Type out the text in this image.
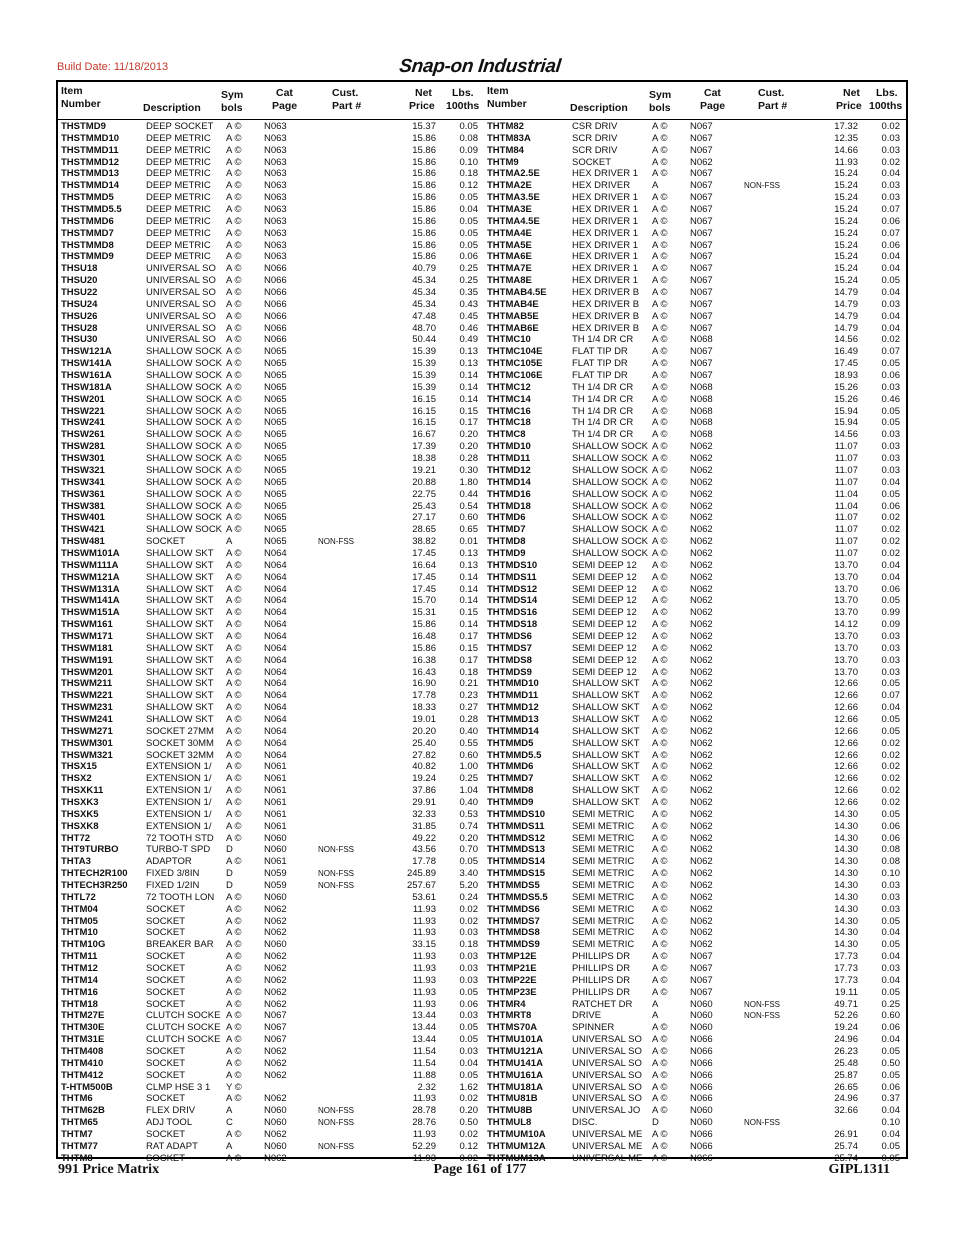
Build Date: 11/18/2013	Snap-on Industrial
Item
Number	Description
Sym
bols
Cat
Page
Cust.
Part #
Net
Price
Lbs.
100ths
THSTMD9	DEEP SOCKET	A © N063	15.37 0.05
THSTMMD10	DEEP METRIC	A © N063	15.86 0.08
THSTMMD11	DEEP METRIC	A © N063	15.86 0.09
THSTMMD12	DEEP METRIC	A © N063	15.86 0.10
THSTMMD13	DEEP METRIC	A © N063	15.86 0.18
THSTMMD14	DEEP METRIC	A © N063	15.86 0.12
THSTMMD5	DEEP METRIC	A © N063	15.86 0.05
THSTMMD5.5	DEEP METRIC	A © N063	15.86 0.04
THSTMMD6	DEEP METRIC	A © N063	15.86 0.05
THSTMMD7	DEEP METRIC	A © N063	15.86 0.05
THSTMMD8	DEEP METRIC	A © N063	15.86 0.05
THSTMMD9	DEEP METRIC	A © N063	15.86 0.06
THSU18	UNIVERSAL SO	A © N066	40.79 0.25
THSU20	UNIVERSAL SO	A © N066	45.34 0.25
THSU22	UNIVERSAL SO	A © N066	45.34 0.35
THSU24	UNIVERSAL SO	A © N066	45.34 0.43
THSU26	UNIVERSAL SO	A © N066	47.48 0.45
THSU28	UNIVERSAL SO	A © N066	48.70 0.46
THSU30	UNIVERSAL SO	A © N066	50.44 0.49
THSW121A	SHALLOW SOCK A © N065	15.39 0.13
THSW141A	SHALLOW SOCK A © N065	15.39 0.13
THSW161A	SHALLOW SOCK A © N065	15.39 0.14
THSW181A	SHALLOW SOCK A © N065	15.39 0.14
THSW201	SHALLOW SOCK A © N065	16.15 0.14
THSW221	SHALLOW SOCK A © N065	16.15 0.15
THSW241	SHALLOW SOCK A © N065	16.15 0.17
THSW261	SHALLOW SOCK A © N065	16.67 0.20
THSW281	SHALLOW SOCK A © N065	17.39 0.20
THSW301	SHALLOW SOCK A © N065	18.38 0.28
THSW321	SHALLOW SOCK A © N065	19.21 0.30
THSW341	SHALLOW SOCK A © N065	20.88 1.80
THSW361	SHALLOW SOCK A © N065	22.75 0.44
THSW381	SHALLOW SOCK A © N065	25.43 0.54
THSW401	SHALLOW SOCK A © N065	27.17 0.60
THSW421	SHALLOW SOCK A © N065	28.65 0.65
THSW481	SOCKET	A	N065	NON-FSS	38.82 0.01
THSWM101A	SHALLOW SKT	A © N064	17.45 0.13
THSWM111A	SHALLOW SKT	A © N064	16.64 0.13
THSWM121A	SHALLOW SKT	A © N064	17.45 0.14
THSWM131A	SHALLOW SKT	A © N064	17.45 0.14
THSWM141A	SHALLOW SKT	A © N064	15.70 0.14
THSWM151A	SHALLOW SKT	A © N064	15.31 0.15
THSWM161	SHALLOW SKT	A © N064	15.86 0.14
THSWM171	SHALLOW SKT	A © N064	16.48 0.17
THSWM181	SHALLOW SKT	A © N064	15.86 0.15
THSWM191	SHALLOW SKT	A © N064	16.38 0.17
THSWM201	SHALLOW SKT	A © N064	16.43 0.18
THSWM211	SHALLOW SKT	A © N064	16.90 0.21
THSWM221	SHALLOW SKT	A © N064	17.78 0.23
THSWM231	SHALLOW SKT	A © N064	18.33 0.27
THSWM241	SHALLOW SKT	A © N064	19.01 0.28
THSWM271	SOCKET 27MM	A © N064	20.20 0.40
THSWM301	SOCKET 30MM	A © N064	25.40 0.55
THSWM321	SOCKET 32MM	A © N064	27.82 0.60
THSX15	EXTENSION 1/	A © N061	40.82 1.00
THSX2	EXTENSION 1/	A © N061	19.24 0.25
THSXK11	EXTENSION 1/	A © N061	37.86 1.04
THSXK3	EXTENSION 1/	A © N061	29.91 0.40
THSXK5	EXTENSION 1/	A © N061	32.33 0.53
THSXK8	EXTENSION 1/	A © N061	31.85 0.74
THT72	72 TOOTH STD	A © N060	49.22 0.20
THT9TURBO	TURBO-T SPD	D	N060	NON-FSS	43.56 0.70
THTA3	ADAPTOR	A © N061	17.78 0.05
THTECH2R100 FIXED 3/8IN	D	N059	NON-FSS	245.89 3.40
THTECH3R250 FIXED 1/2IN	D	N059	NON-FSS	257.67 5.20
THTL72	72 TOOTH LON	A © N060	53.61 0.24
THTM04	SOCKET	A © N062	11.93 0.02
THTM05	SOCKET	A © N062	11.93 0.02
THTM10	SOCKET	A © N062	11.93 0.03
THTM10G	BREAKER BAR	A © N060	33.15 0.18
THTM11	SOCKET	A © N062	11.93 0.03
THTM12	SOCKET	A © N062	11.93 0.03
THTM14	SOCKET	A © N062	11.93 0.03
THTM16	SOCKET	A © N062	11.93 0.05
THTM18	SOCKET	A © N062	11.93 0.06
THTM27E	CLUTCH SOCKE A © N067	13.44 0.03
THTM30E	CLUTCH SOCKE A © N067	13.44 0.05
THTM31E	CLUTCH SOCKE A © N067	13.44 0.05
THTM408	SOCKET	A © N062	11.54 0.03
THTM410	SOCKET	A © N062	11.54 0.04
THTM412	SOCKET	A © N062	11.88 0.05
T-HTM500B	CLMP HSE 3 1	Y ©	2.32 1.62
THTM6	SOCKET	A © N062	11.93 0.02
THTM62B	FLEX DRIV	A	N060	NON-FSS	28.78 0.20
THTM65	ADJ TOOL	C	N060	NON-FSS	28.76 0.50
THTM7	SOCKET	A © N062	11.93 0.02
THTM77	RAT ADAPT	A	N060	NON-FSS	52.29 0.12
THTM8	SOCKET	A © N062	11.93 0.02
Item
Number	Description
Sym
bols
Cat
Page
Cust.
Part #
Net
Price
Lbs.
100ths
THTM82	CSR DRIV	A © N067	17.32 0.02
THTM83A	SCR DRIV	A © N067	12.35 0.03
THTM84	SCR DRIV	A © N067	14.66 0.03
THTM9	SOCKET	A © N062	11.93 0.02
THTMA2.5E	HEX DRIVER 1	A © N067	15.24 0.04
THTMA2E	HEX DRIVER	A	N067	NON-FSS	15.24 0.03
THTMA3.5E	HEX DRIVER 1	A © N067	15.24 0.03
THTMA3E	HEX DRIVER 1	A © N067	15.24 0.07
THTMA4.5E	HEX DRIVER 1	A © N067	15.24 0.06
THTMA4E	HEX DRIVER 1	A © N067	15.24 0.07
THTMA5E	HEX DRIVER 1	A © N067	15.24 0.06
THTMA6E	HEX DRIVER 1	A © N067	15.24 0.04
THTMA7E	HEX DRIVER 1	A © N067	15.24 0.04
THTMA8E	HEX DRIVER 1	A © N067	15.24 0.05
THTMAB4.5E	HEX DRIVER B	A © N067	14.79 0.04
THTMAB4E	HEX DRIVER B	A © N067	14.79 0.03
THTMAB5E	HEX DRIVER B	A © N067	14.79 0.04
THTMAB6E	HEX DRIVER B	A © N067	14.79 0.04
THTMC10	TH 1/4 DR CR	A © N068	14.56 0.02
THTMC104E	FLAT TIP DR	A © N067	16.49 0.07
THTMC105E	FLAT TIP DR	A © N067	17.45 0.05
THTMC106E	FLAT TIP DR	A © N067	18.93 0.06
THTMC12	TH 1/4 DR CR	A © N068	15.26 0.03
THTMC14	TH 1/4 DR CR	A © N068	15.26 0.46
THTMC16	TH 1/4 DR CR	A © N068	15.94 0.05
THTMC18	TH 1/4 DR CR	A © N068	15.94 0.05
THTMC8	TH 1/4 DR CR	A © N068	14.56 0.03
THTMD10	SHALLOW SOCK A © N062	11.07 0.03
THTMD11	SHALLOW SOCK A © N062	11.07 0.03
THTMD12	SHALLOW SOCK A © N062	11.07 0.03
THTMD14	SHALLOW SOCK A © N062	11.07 0.04
THTMD16	SHALLOW SOCK A © N062	11.04 0.05
THTMD18	SHALLOW SOCK A © N062	11.04 0.06
THTMD6	SHALLOW SOCK A © N062	11.07 0.02
THTMD7	SHALLOW SOCK A © N062	11.07 0.02
THTMD8	SHALLOW SOCK A © N062	11.07 0.02
THTMD9	SHALLOW SOCK A © N062	11.07 0.02
THTMDS10	SEMI DEEP 12	A © N062	13.70 0.04
THTMDS11	SEMI DEEP 12	A © N062	13.70 0.04
THTMDS12	SEMI DEEP 12	A © N062	13.70 0.06
THTMDS14	SEMI DEEP 12	A © N062	13.70 0.05
THTMDS16	SEMI DEEP 12	A © N062	13.70 0.99
THTMDS18	SEMI DEEP 12	A © N062	14.12 0.09
THTMDS6	SEMI DEEP 12	A © N062	13.70 0.03
THTMDS7	SEMI DEEP 12	A © N062	13.70 0.03
THTMDS8	SEMI DEEP 12	A © N062	13.70 0.03
THTMDS9	SEMI DEEP 12	A © N062	13.70 0.03
THTMMD10	SHALLOW SKT	A © N062	12.66 0.05
THTMMD11	SHALLOW SKT	A © N062	12.66 0.07
THTMMD12	SHALLOW SKT	A © N062	12.66 0.04
THTMMD13	SHALLOW SKT	A © N062	12.66 0.05
THTMMD14	SHALLOW SKT	A © N062	12.66 0.05
THTMMD5	SHALLOW SKT	A © N062	12.66 0.02
THTMMD5.5	SHALLOW SKT	A © N062	12.66 0.02
THTMMD6	SHALLOW SKT	A © N062	12.66 0.02
THTMMD7	SHALLOW SKT	A © N062	12.66 0.02
THTMMD8	SHALLOW SKT	A © N062	12.66 0.02
THTMMD9	SHALLOW SKT	A © N062	12.66 0.02
THTMMDS10	SEMI METRIC	A © N062	14.30 0.05
THTMMDS11	SEMI METRIC	A © N062	14.30 0.06
THTMMDS12	SEMI METRIC	A © N062	14.30 0.06
THTMMDS13	SEMI METRIC	A © N062	14.30 0.08
THTMMDS14	SEMI METRIC	A © N062	14.30 0.08
THTMMDS15	SEMI METRIC	A © N062	14.30 0.10
THTMMDS5	SEMI METRIC	A © N062	14.30 0.03
THTMMDS5.5	SEMI METRIC	A © N062	14.30 0.03
THTMMDS6	SEMI METRIC	A © N062	14.30 0.03
THTMMDS7	SEMI METRIC	A © N062	14.30 0.05
THTMMDS8	SEMI METRIC	A © N062	14.30 0.04
THTMMDS9	SEMI METRIC	A © N062	14.30 0.05
THTMP12E	PHILLIPS DR	A © N067	17.73 0.04
THTMP21E	PHILLIPS DR	A © N067	17.73 0.03
THTMP22E	PHILLIPS DR	A © N067	17.73 0.04
THTMP23E	PHILLIPS DR	A © N067	19.11 0.05
THTMR4	RATCHET DR	A	N060	NON-FSS	49.71 0.25
THTMRT8	DRIVE	A	N060	NON-FSS	52.26 0.60
THTMS70A	SPINNER	A © N060	19.24 0.06
THTMU101A	UNIVERSAL SO	A © N066	24.96 0.04
THTMU121A	UNIVERSAL SO	A © N066	26.23 0.05
THTMU141A	UNIVERSAL SO	A © N066	25.48 0.50
THTMU161A	UNIVERSAL SO	A © N066	25.87 0.05
THTMU181A	UNIVERSAL SO	A © N066	26.65 0.06
THTMU81B	UNIVERSAL SO	A © N066	24.96 0.37
THTMU8B	UNIVERSAL JO	A © N060	32.66 0.04
THTMUL8	DISC.	D	N060	NON-FSS	0.10
THTMUM10A	UNIVERSAL ME	A © N066	26.91 0.04
THTMUM12A	UNIVERSAL ME	A © N066	25.74 0.05
THTMUM13A	UNIVERSAL ME	A © N066	25.74 0.05
991 Price Matrix	Page 161 of 177	GIPL1311
